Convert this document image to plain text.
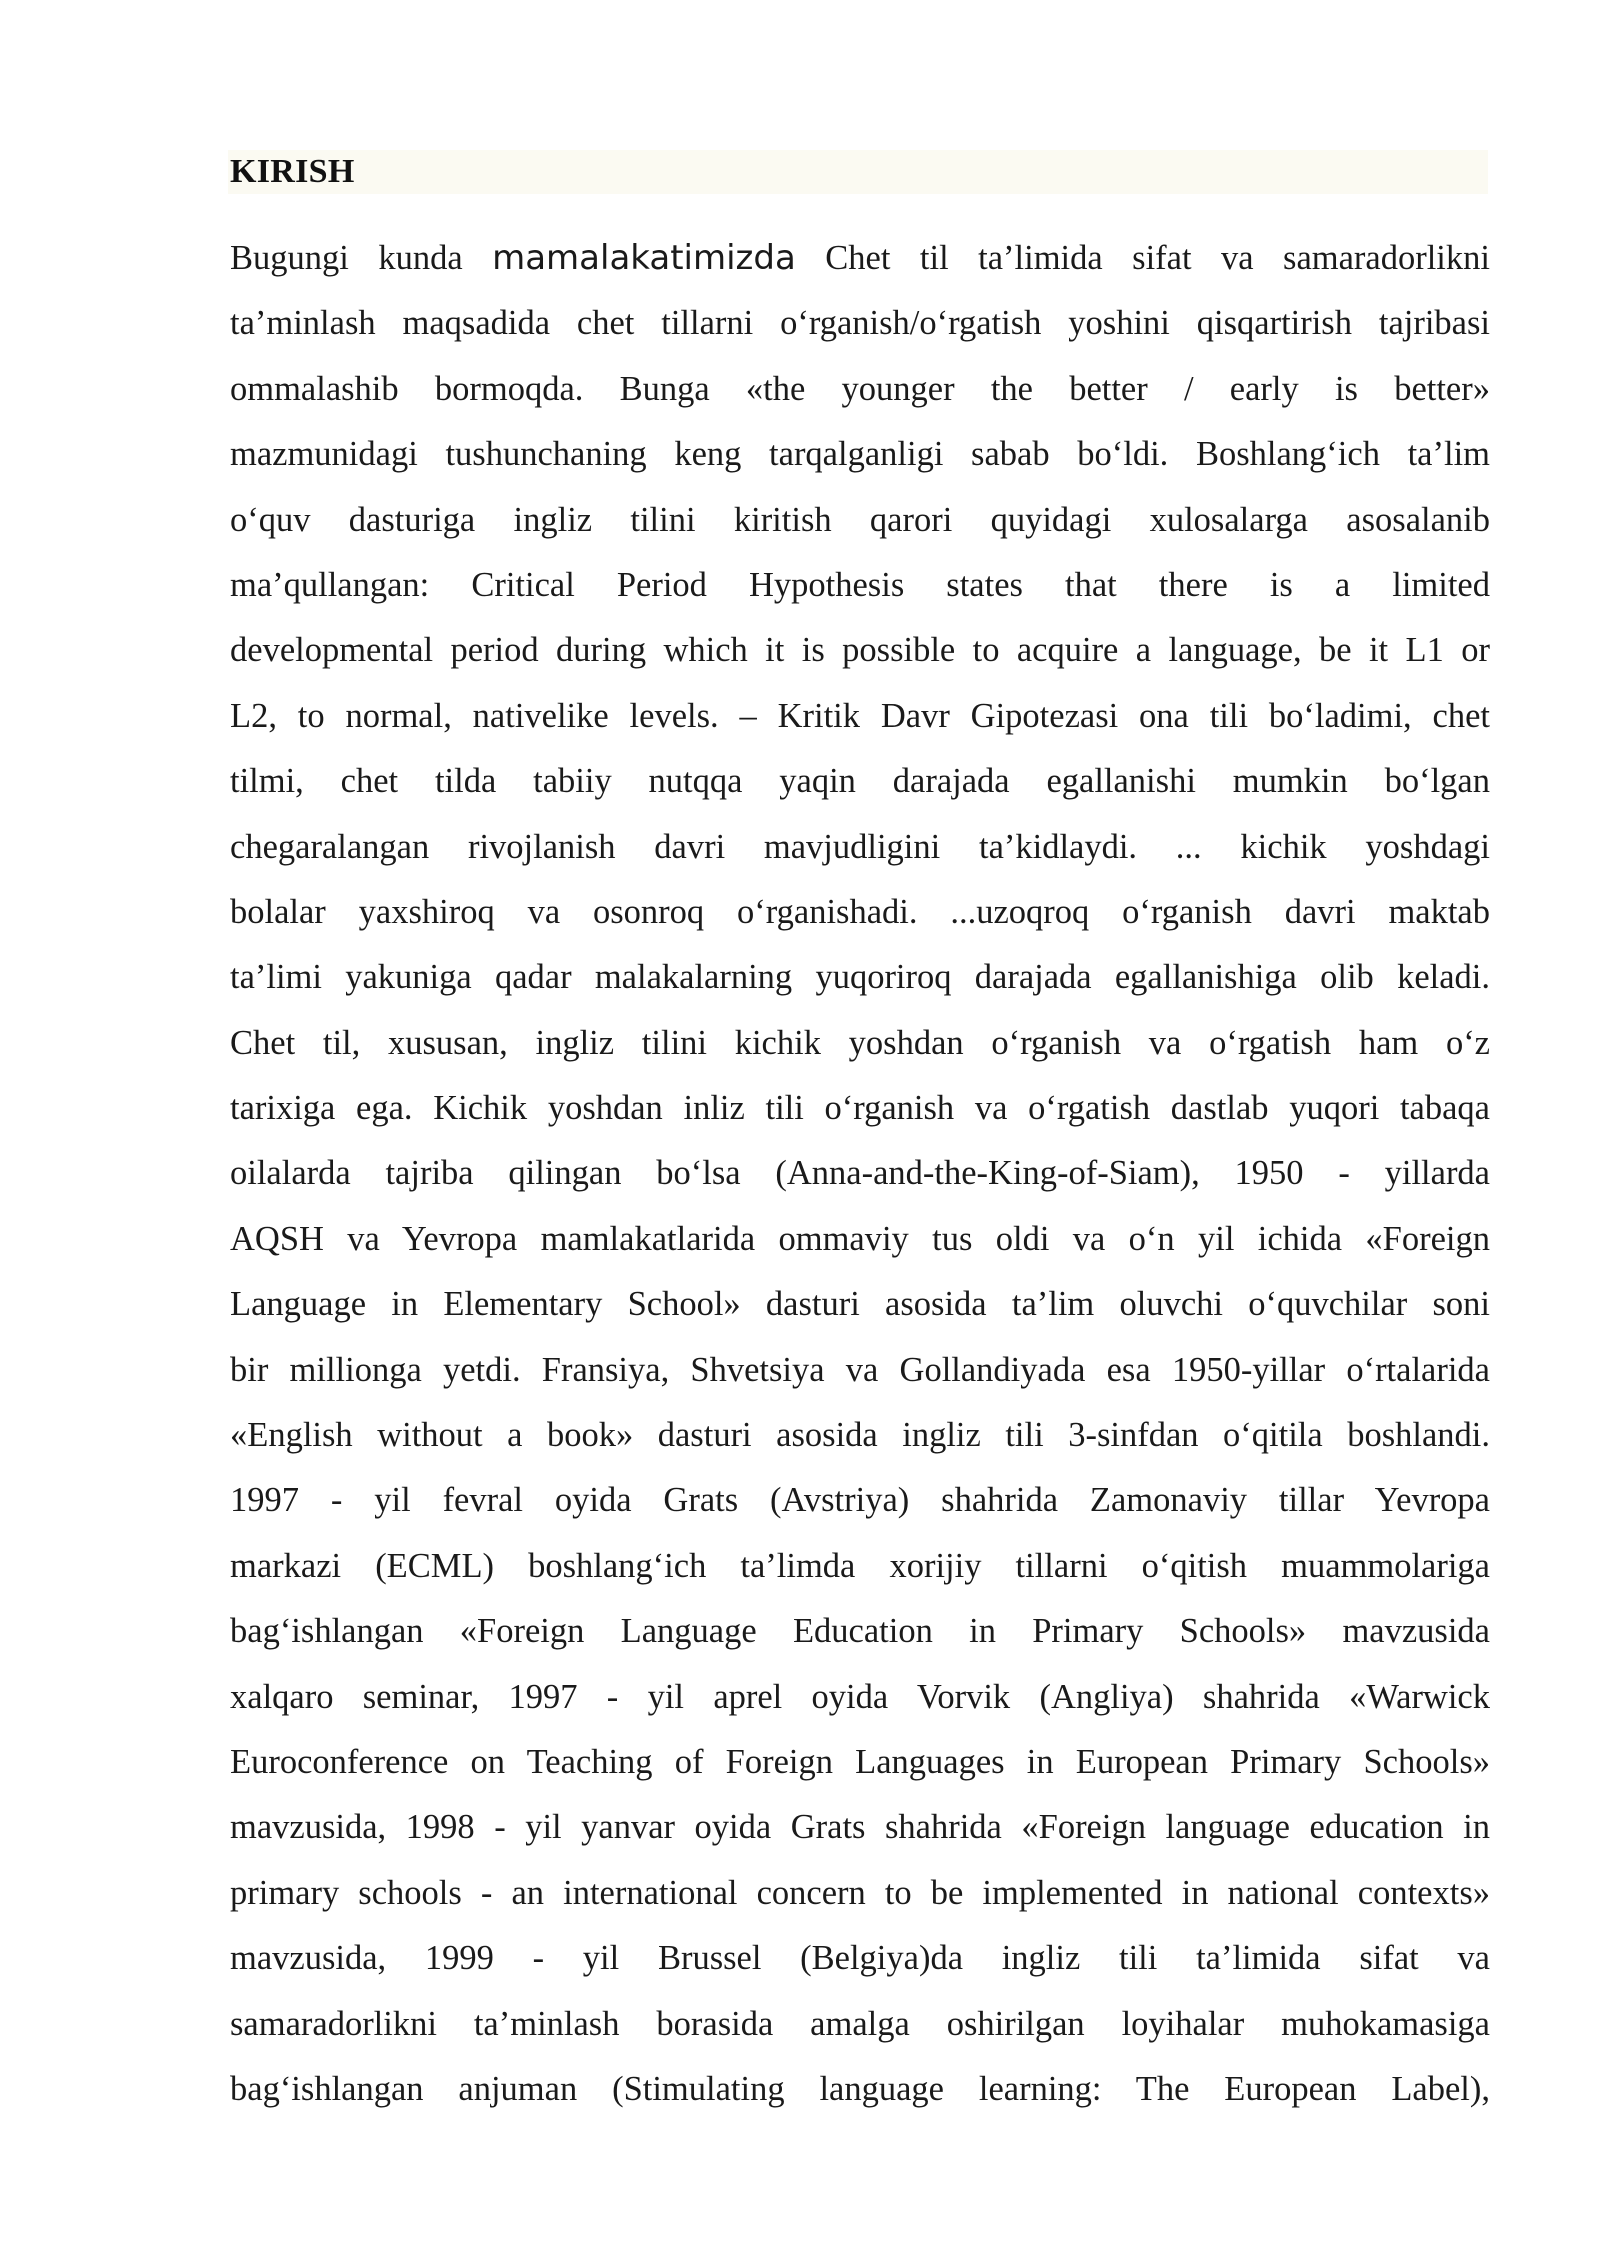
KIRISH
Bugungi kunda mamalakatimizda Chet til ta’limida sifat va samaradorlikni
ta’minlash maqsadida chet tillarni o‘rganish/o‘rgatish yoshini qisqartirish tajribasi
ommalashib bormoqda. Bunga «the younger the better / early is better»
mazmunidagi tushunchaning keng tarqalganligi sabab bo‘ldi. Boshlang‘ich ta’lim
o‘quv dasturiga ingliz tilini kiritish qarori quyidagi xulosalarga asosalanib
ma’qullangan: Critical Period Hypothesis states that there is a limited
developmental period during which it is possible to acquire a language, be it L1 or
L2, to normal, nativelike levels. – Kritik Davr Gipotezasi ona tili bo‘ladimi, chet
tilmi, chet tilda tabiiy nutqqa yaqin darajada egallanishi mumkin bo‘lgan
chegaralangan rivojlanish davri mavjudligini ta’kidlaydi. ... kichik yoshdagi
bolalar yaxshiroq va osonroq o‘rganishadi. ...uzoqroq o‘rganish davri maktab
ta’limi yakuniga qadar malakalarning yuqoriroq darajada egallanishiga olib keladi.
Chet til, xususan, ingliz tilini kichik yoshdan o‘rganish va o‘rgatish ham o‘z
tarixiga ega. Kichik yoshdan inliz tili o‘rganish va o‘rgatish dastlab yuqori tabaqa
oilalarda tajriba qilingan bo‘lsa (Anna-and-the-King-of-Siam), 1950 - yillarda
AQSH va Yevropa mamlakatlarida ommaviy tus oldi va o‘n yil ichida «Foreign
Language in Elementary School» dasturi asosida ta’lim oluvchi o‘quvchilar soni
bir millionga yetdi. Fransiya, Shvetsiya va Gollandiyada esa 1950-yillar o‘rtalarida
«English without a book» dasturi asosida ingliz tili 3-sinfdan o‘qitila boshlandi.
1997 - yil fevral oyida Grats (Avstriya) shahrida Zamonaviy tillar Yevropa
markazi (ECML) boshlang‘ich ta’limda xorijiy tillarni o‘qitish muammolariga
bag‘ishlangan «Foreign Language Education in Primary Schools» mavzusida
xalqaro seminar, 1997 - yil aprel oyida Vorvik (Angliya) shahrida «Warwick
Euroconference on Teaching of Foreign Languages in European Primary Schools»
mavzusida, 1998 - yil yanvar oyida Grats shahrida «Foreign language education in
primary schools - an international concern to be implemented in national contexts»
mavzusida, 1999 - yil Brussel (Belgiya)da ingliz tili ta’limida sifat va
samaradorlikni ta’minlash borasida amalga oshirilgan loyihalar muhokamasiga
bag‘ishlangan anjuman (Stimulating language learning: The European Label),
